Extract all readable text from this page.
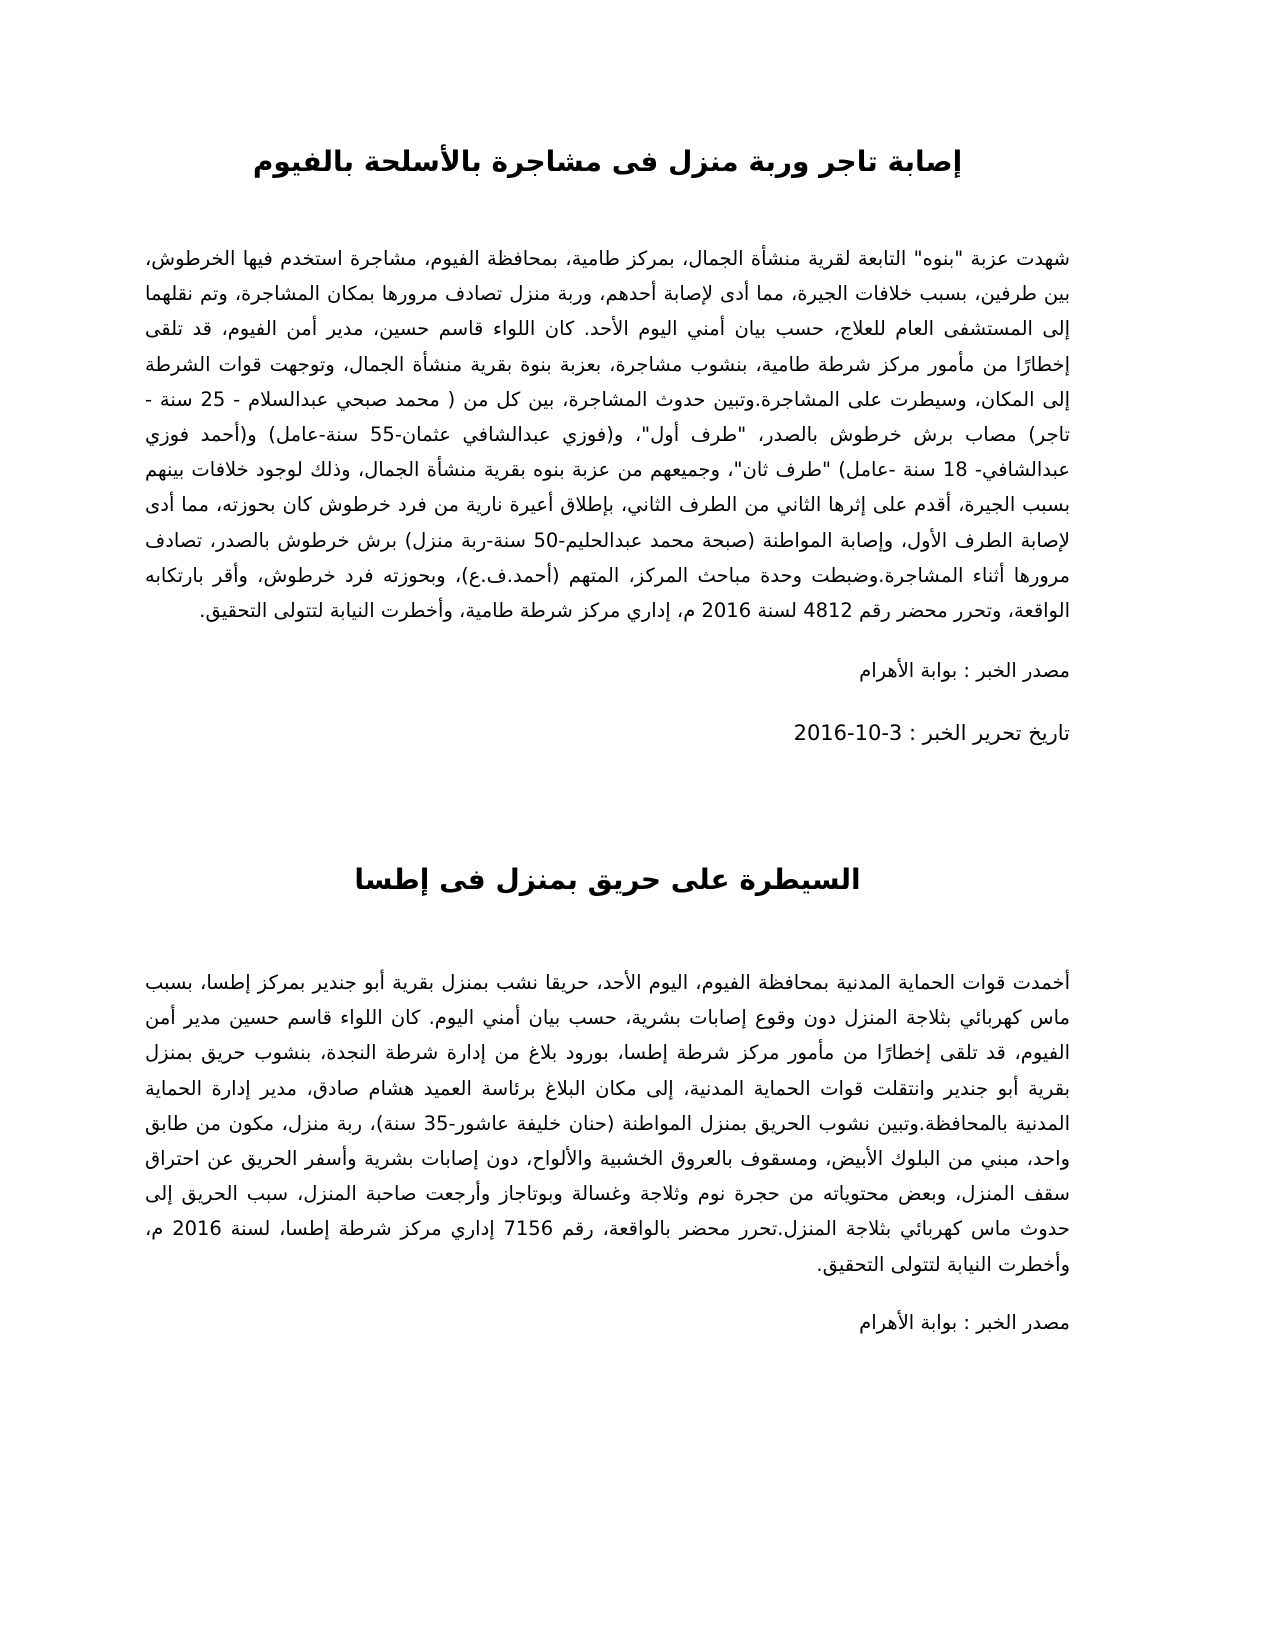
إصابة تاجر وربة منزل فى مشاجرة بالأسلحة بالفيوم

شهدت عزبة "بنوه" التابعة لقرية منشأة الجمال، بمركز طامية، بمحافظة الفيوم، مشاجرة استخدم فيها الخرطوش، بين طرفين، بسبب خلافات الجيرة، مما أدى لإصابة أحدهم، وربة منزل تصادف مرورها بمكان المشاجرة، وتم نقلهما إلى المستشفى العام للعلاج، حسب بيان أمني اليوم الأحد. كان اللواء قاسم حسين، مدير أمن الفيوم، قد تلقى إخطارًا من مأمور مركز شرطة طامية، بنشوب مشاجرة، بعزبة بنوة بقرية منشأة الجمال، وتوجهت قوات الشرطة إلى المكان، وسيطرت على المشاجرة.وتبين حدوث المشاجرة، بين كل من ( محمد صبحي عبدالسلام - 25 سنة - تاجر) مصاب برش خرطوش بالصدر، "طرف أول"، و(فوزي عبدالشافي عثمان-55 سنة-عامل) و(أحمد فوزي عبدالشافي- 18 سنة -عامل) "طرف ثان"، وجميعهم من عزبة بنوه بقرية منشأة الجمال، وذلك لوجود خلافات بينهم بسبب الجيرة، أقدم على إثرها الثاني من الطرف الثاني، بإطلاق أعيرة نارية من فرد خرطوش كان بحوزته، مما أدى لإصابة الطرف الأول، وإصابة المواطنة (صبحة محمد عبدالحليم-50 سنة-ربة منزل) برش خرطوش بالصدر، تصادف مرورها أثناء المشاجرة.وضبطت وحدة مباحث المركز، المتهم (أحمد.ف.ع)، وبحوزته فرد خرطوش، وأقر بارتكابه الواقعة، وتحرر محضر رقم 4812 لسنة 2016 م، إداري مركز شرطة طامية، وأخطرت النيابة لتتولى التحقيق.

مصدر الخبر : بوابة الأهرام

تاريخ تحرير الخبر : 3-10-2016

السيطرة على حريق بمنزل فى إطسا

أخمدت قوات الحماية المدنية بمحافظة الفيوم، اليوم الأحد، حريقا نشب بمنزل بقرية أبو جندير بمركز إطسا، بسبب ماس كهربائي بثلاجة المنزل دون وقوع إصابات بشرية، حسب بيان أمني اليوم. كان اللواء قاسم حسين مدير أمن الفيوم، قد تلقى إخطارًا من مأمور مركز شرطة إطسا، بورود بلاغ من إدارة شرطة النجدة، بنشوب حريق بمنزل بقرية أبو جندير وانتقلت قوات الحماية المدنية، إلى مكان البلاغ برئاسة العميد هشام صادق، مدير إدارة الحماية المدنية بالمحافظة.وتبين نشوب الحريق بمنزل المواطنة (حنان خليفة عاشور-35 سنة)، ربة منزل، مكون من طابق واحد، مبني من البلوك الأبيض، ومسقوف بالعروق الخشبية والألواح، دون إصابات بشرية وأسفر الحريق عن احتراق سقف المنزل، وبعض محتوياته من حجرة نوم وثلاجة وغسالة وبوتاجاز وأرجعت صاحبة المنزل، سبب الحريق إلى حدوث ماس كهربائي بثلاجة المنزل.تحرر محضر بالواقعة، رقم 7156 إداري مركز شرطة إطسا، لسنة 2016 م، وأخطرت النيابة لتتولى التحقيق.

مصدر الخبر : بوابة الأهرام
